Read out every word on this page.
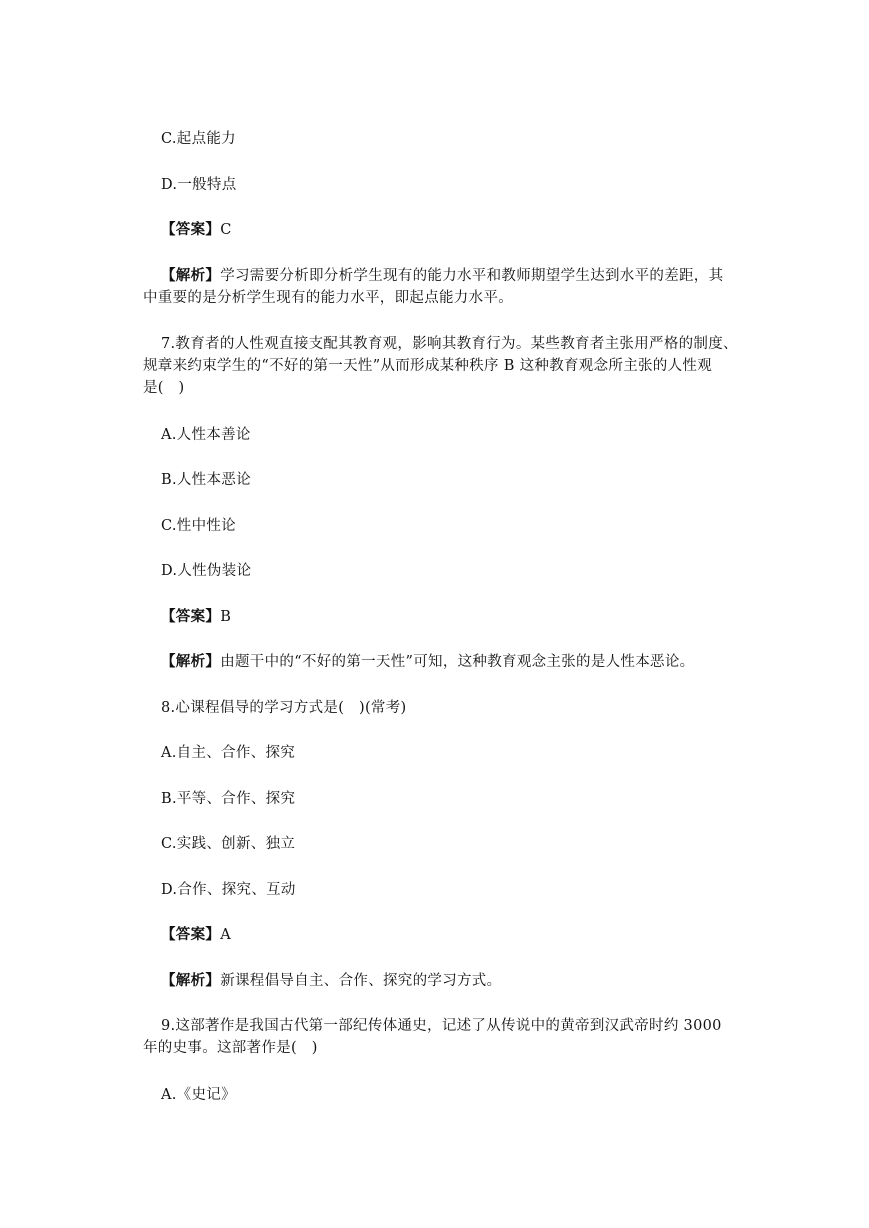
C.起点能力
D.一般特点
【答案】C
【解析】学习需要分析即分析学生现有的能力水平和教师期望学生达到水平的差距，其
中重要的是分析学生现有的能力水平，即起点能力水平。
7.教育者的人性观直接支配其教育观，影响其教育行为。某些教育者主张用严格的制度、
规章来约束学生的“不好的第一天性”从而形成某种秩序 B 这种教育观念所主张的人性观
是(　)
A.人性本善论
B.人性本恶论
C.性中性论
D.人性伪装论
【答案】B
【解析】由题干中的“不好的第一天性”可知，这种教育观念主张的是人性本恶论。
8.心课程倡导的学习方式是(　)(常考)
A.自主、合作、探究
B.平等、合作、探究
C.实践、创新、独立
D.合作、探究、互动
【答案】A
【解析】新课程倡导自主、合作、探究的学习方式。
9.这部著作是我国古代第一部纪传体通史，记述了从传说中的黄帝到汉武帝时约 3000
年的史事。这部著作是(　)
A.《史记》
